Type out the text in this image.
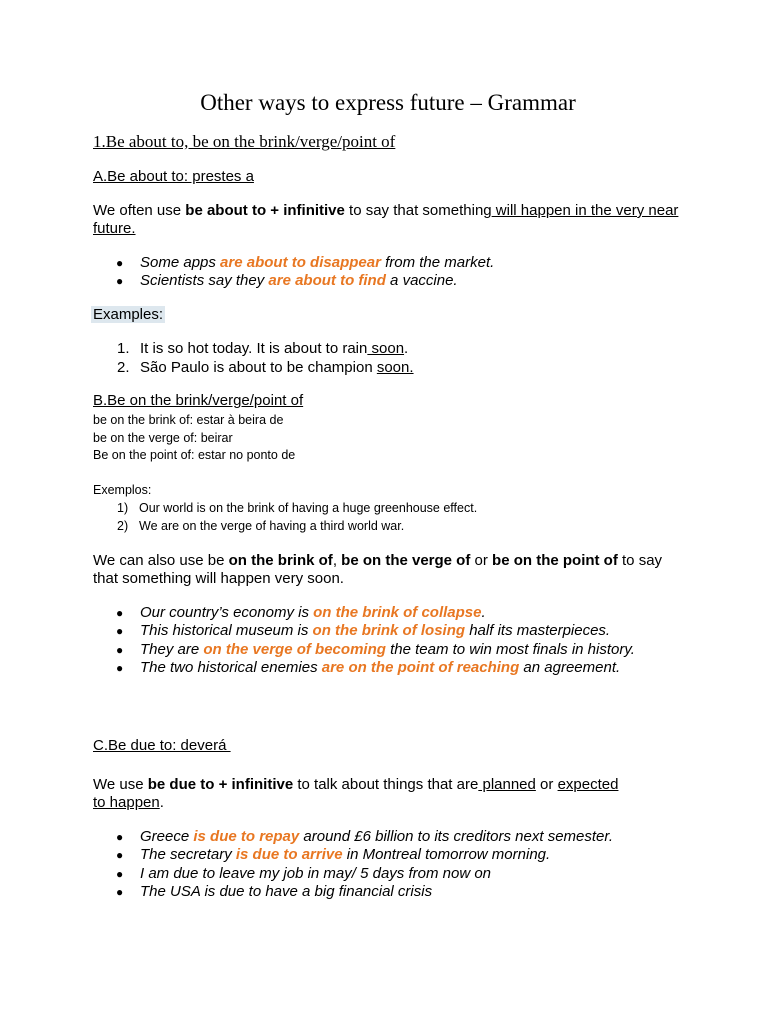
Other ways to express future – Grammar
1.Be about to, be on the brink/verge/point of
A.Be about to: prestes a
We often use be about to + infinitive to say that something will happen in the very near future.
● Some apps are about to disappear from the market.
● Scientists say they are about to find a vaccine.
Examples:
1. It is so hot today. It is about to rain soon.
2. São Paulo is about to be champion soon.
B.Be on the brink/verge/point of
be on the brink of: estar à beira de
be on the verge of: beirar
Be on the point of: estar no ponto de
Exemplos:
1) Our world is on the brink of having a huge greenhouse effect.
2) We are on the verge of having a third world war.
We can also use be on the brink of, be on the verge of or be on the point of to say that something will happen very soon.
● Our country’s economy is on the brink of collapse.
● This historical museum is on the brink of losing half its masterpieces.
● They are on the verge of becoming the team to win most finals in history.
● The two historical enemies are on the point of reaching an agreement.
C.Be due to: deverá
We use be due to + infinitive to talk about things that are planned or expected to happen.
● Greece is due to repay around £6 billion to its creditors next semester.
● The secretary is due to arrive in Montreal tomorrow morning.
● I am due to leave my job in may/ 5 days from now on
● The USA is due to have a big financial crisis
